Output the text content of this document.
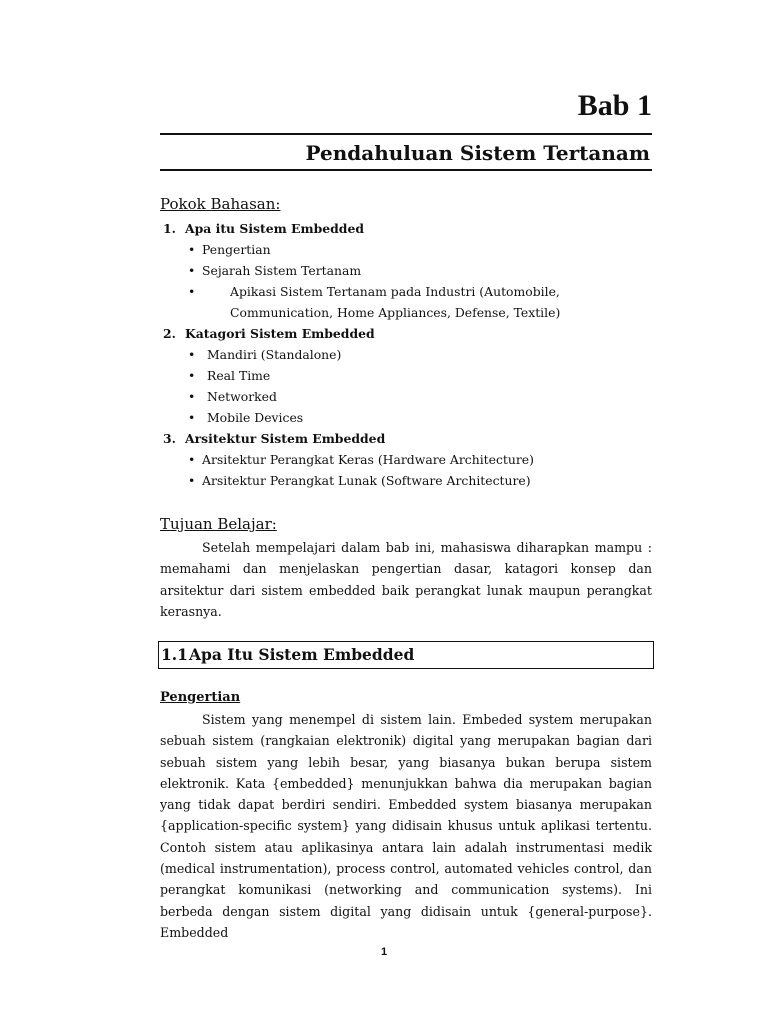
Bab 1
Pendahuluan Sistem Tertanam
Pokok Bahasan:
1. Apa itu Sistem Embedded
• Pengertian
• Sejarah Sistem Tertanam
•	Apikasi Sistem Tertanam pada Industri (Automobile, Communication, Home Appliances, Defense, Textile)
2. Katagori Sistem Embedded
• Mandiri (Standalone)
• Real Time
• Networked
• Mobile Devices
3. Arsitektur Sistem Embedded
• Arsitektur Perangkat Keras (Hardware Architecture)
• Arsitektur Perangkat Lunak (Software Architecture)
Tujuan Belajar:
Setelah mempelajari dalam bab ini, mahasiswa diharapkan mampu : memahami dan menjelaskan pengertian dasar, katagori konsep dan arsitektur dari sistem embedded baik perangkat lunak maupun perangkat kerasnya.
1.1 Apa Itu Sistem Embedded
Pengertian
Sistem yang menempel di sistem lain. Embeded system merupakan sebuah sistem (rangkaian elektronik) digital yang merupakan bagian dari sebuah sistem yang lebih besar, yang biasanya bukan berupa sistem elektronik. Kata {embedded} menunjukkan bahwa dia merupakan bagian yang tidak dapat berdiri sendiri. Embedded system biasanya merupakan {application-specific system} yang didisain khusus untuk aplikasi tertentu. Contoh sistem atau aplikasinya antara lain adalah instrumentasi medik (medical instrumentation), process control, automated vehicles control, dan perangkat komunikasi (networking and communication systems). Ini berbeda dengan sistem digital yang didisain untuk {general-purpose}. Embedded
1
